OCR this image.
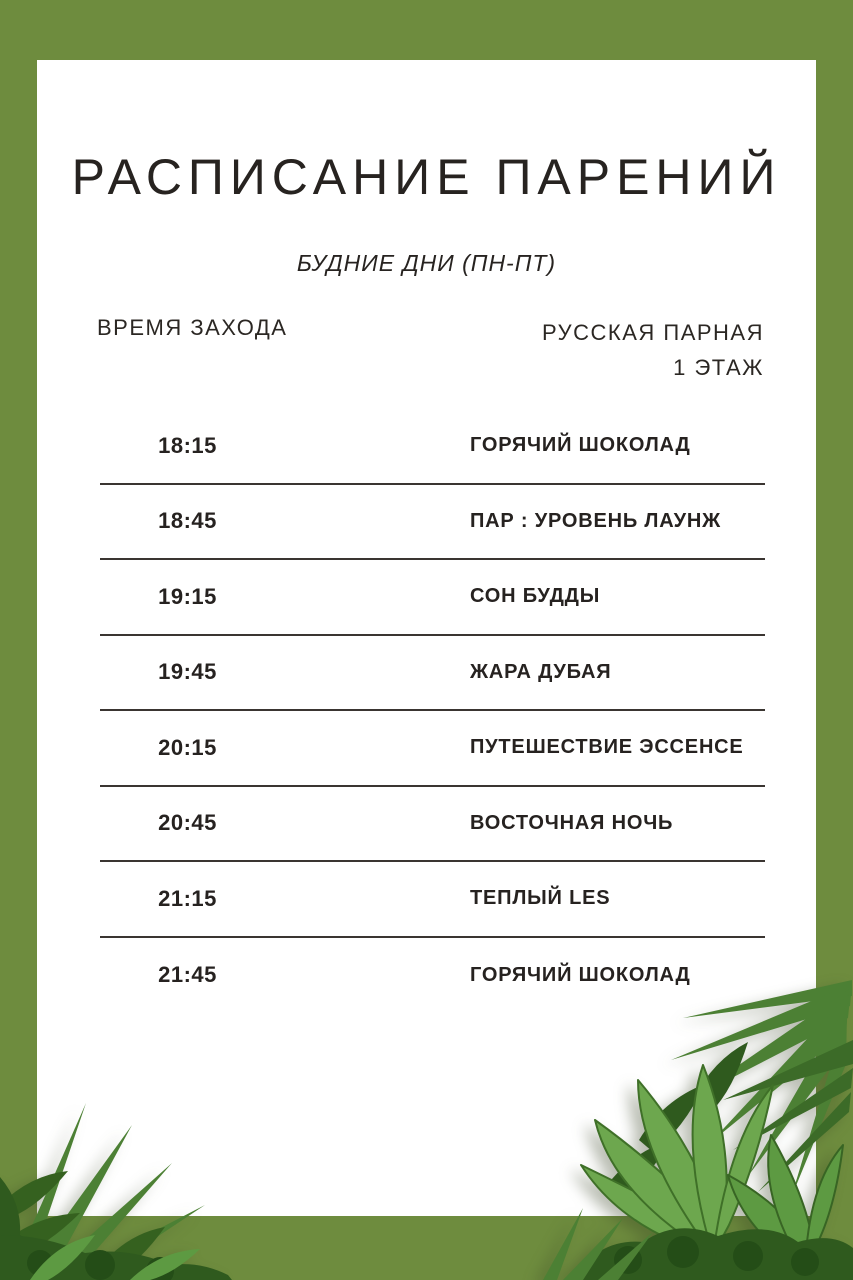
РАСПИСАНИЕ ПАРЕНИЙ
БУДНИЕ ДНИ (ПН-ПТ)
ВРЕМЯ ЗАХОДА	РУССКАЯ ПАРНАЯ
1 ЭТАЖ
18:15	ГОРЯЧИЙ ШОКОЛАД
18:45	ПАР : УРОВЕНЬ ЛАУНЖ
19:15	СОН БУДДЫ
19:45	ЖАРА ДУБАЯ
20:15	ПУТЕШЕСТВИЕ ЭССЕНСЕ
20:45	ВОСТОЧНАЯ НОЧЬ
21:15	ТЕПЛЫЙ LES
21:45	ГОРЯЧИЙ ШОКОЛАД
